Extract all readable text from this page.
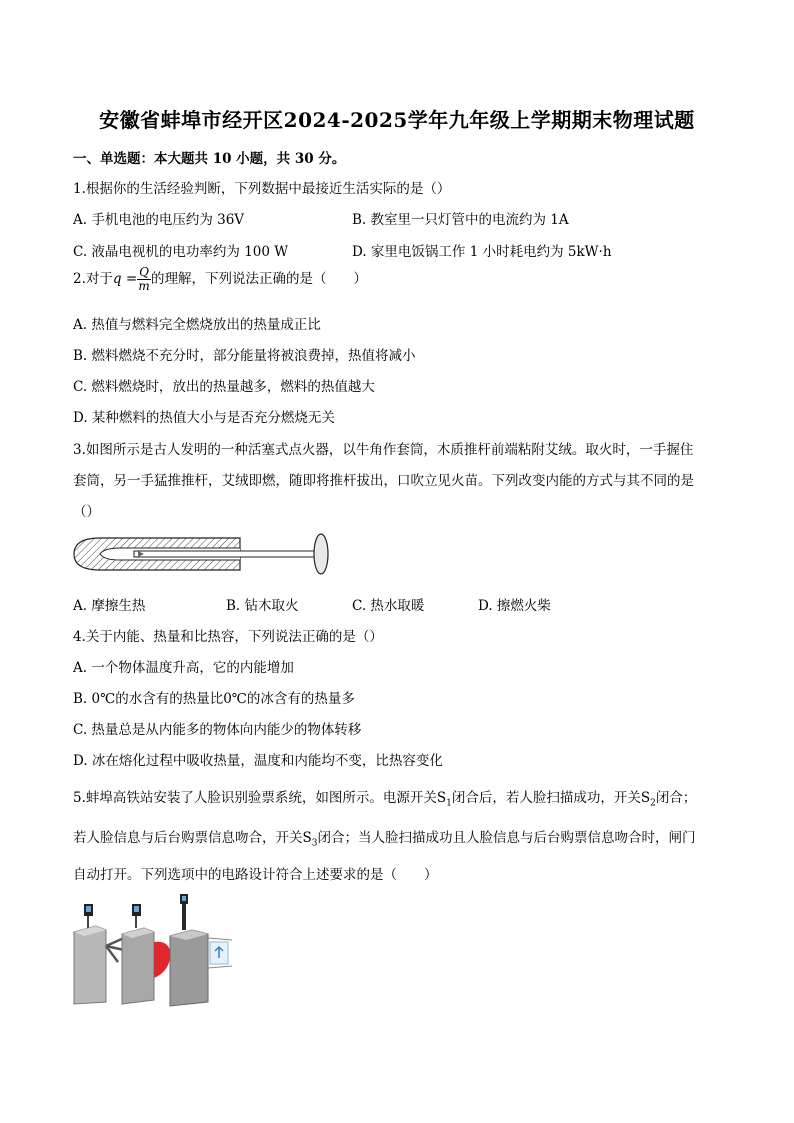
安徽省蚌埠市经开区2024-2025学年九年级上学期期末物理试题
一、单选题：本大题共 10 小题，共 30 分。
1.根据你的生活经验判断，下列数据中最接近生活实际的是（）
A. 手机电池的电压约为 36V	B. 教室里一只灯管中的电流约为 1A
C. 液晶电视机的电功率约为 100 W	D. 家里电饭锅工作 1 小时耗电约为 5kW·h
2.对于$q = \frac{Q}{m}$ 的理解，下列说法正确的是（　　）
A. 热值与燃料完全燃烧放出的热量成正比
B. 燃料燃烧不充分时，部分能量将被浪费掉，热值将减小
C. 燃料燃烧时，放出的热量越多，燃料的热值越大
D. 某种燃料的热值大小与是否充分燃烧无关
3.如图所示是古人发明的一种活塞式点火器，以牛角作套筒，木质推杆前端粘附艾绒。取火时，一手握住
套筒，另一手猛推推杆，艾绒即燃，随即将推杆拔出，口吹立见火苗。下列改变内能的方式与其不同的是
（）
A. 摩擦生热	B. 钻木取火	C. 热水取暖	D. 擦燃火柴
4.关于内能、热量和比热容，下列说法正确的是（）
A. 一个物体温度升高，它的内能增加
B. 0℃的水含有的热量比0℃的冰含有的热量多
C. 热量总是从内能多的物体向内能少的物体转移
D. 冰在熔化过程中吸收热量，温度和内能均不变，比热容变化
5.蚌埠高铁站安装了人脸识别验票系统，如图所示。电源开关$S_1$闭合后，若人脸扫描成功，开关$S_2$闭合；
若人脸信息与后台购票信息吻合，开关$S_3$闭合；当人脸扫描成功且人脸信息与后台购票信息吻合时，闸门
自动打开。下列选项中的电路设计符合上述要求的是（　　）
